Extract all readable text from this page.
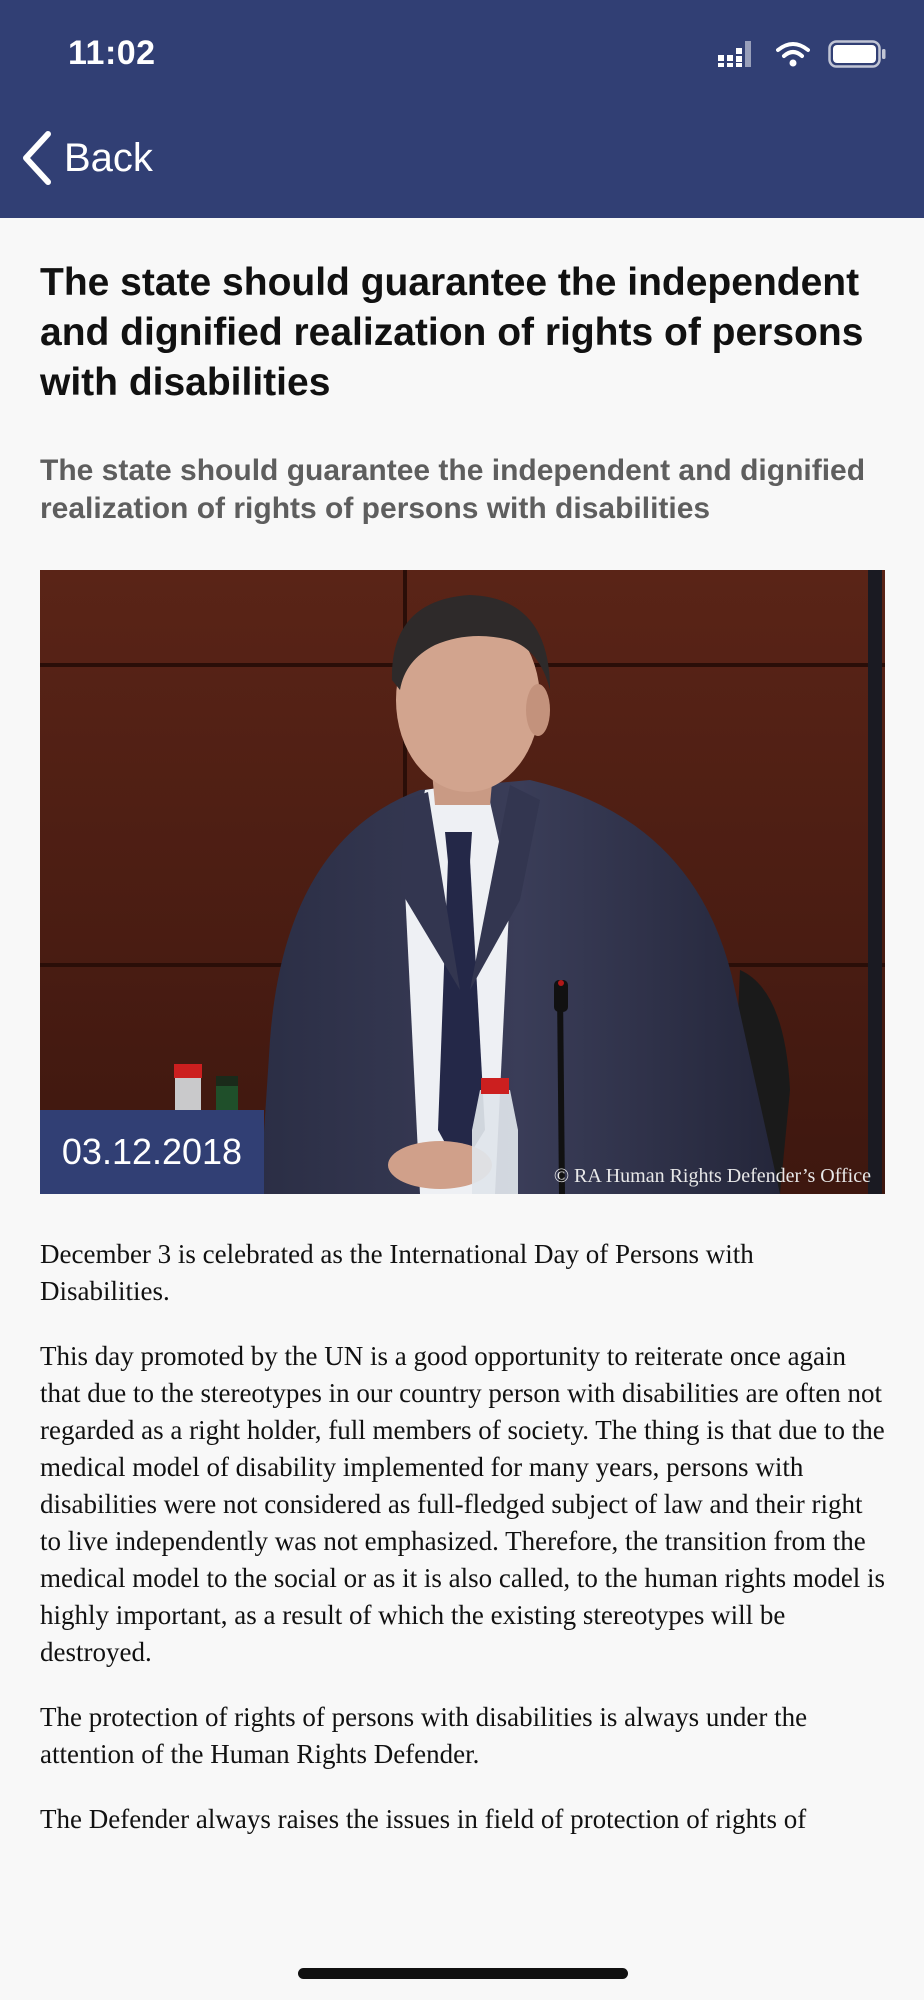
11:02
Back
The state should guarantee the independent and dignified realization of rights of persons with disabilities
The state should guarantee the independent and dignified realization of rights of persons with disabilities
03.12.2018
© RA Human Rights Defender’s Office

December 3 is celebrated as the International Day of Persons with Disabilities.

This day promoted by the UN is a good opportunity to reiterate once again that due to the stereotypes in our country person with disabilities are often not regarded as a right holder, full members of society. The thing is that due to the medical model of disability implemented for many years, persons with disabilities were not considered as full-fledged subject of law and their right to live independently was not emphasized. Therefore, the transition from the medical model to the social or as it is also called, to the human rights model is highly important, as a result of which the existing stereotypes will be destroyed.

The protection of rights of persons with disabilities is always under the attention of the Human Rights Defender.

The Defender always raises the issues in field of protection of rights of
